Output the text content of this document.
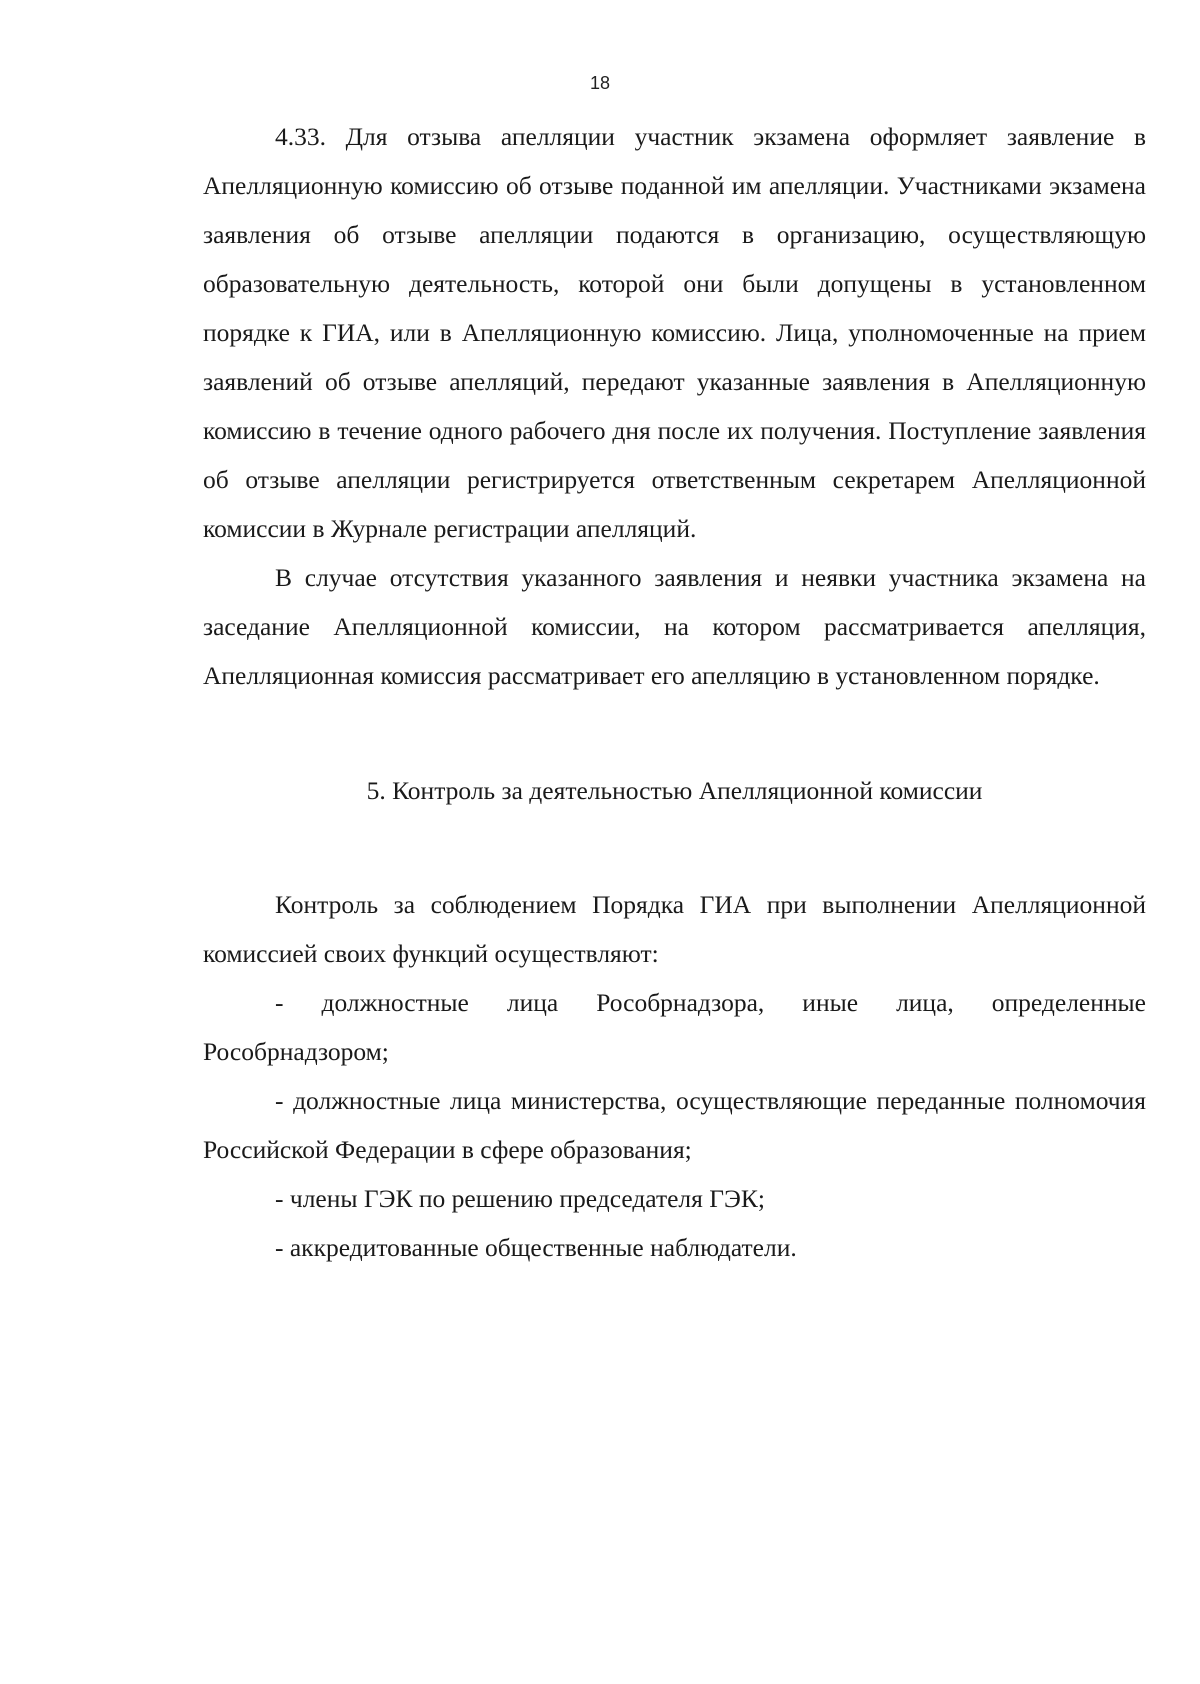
18

4.33. Для отзыва апелляции участник экзамена оформляет заявление в Апелляционную комиссию об отзыве поданной им апелляции. Участниками экзамена заявления об отзыве апелляции подаются в организацию, осуществляющую образовательную деятельность, которой они были допущены в установленном порядке к ГИА, или в Апелляционную комиссию. Лица, уполномоченные на прием заявлений об отзыве апелляций, передают указанные заявления в Апелляционную комиссию в течение одного рабочего дня после их получения. Поступление заявления об отзыве апелляции регистрируется ответственным секретарем Апелляционной комиссии в Журнале регистрации апелляций.

В случае отсутствия указанного заявления и неявки участника экзамена на заседание Апелляционной комиссии, на котором рассматривается апелляция, Апелляционная комиссия рассматривает его апелляцию в установленном порядке.

5. Контроль за деятельностью Апелляционной комиссии

Контроль за соблюдением Порядка ГИА при выполнении Апелляционной комиссией своих функций осуществляют:

- должностные лица Рособрнадзора, иные лица, определенные Рособрнадзором;

- должностные лица министерства, осуществляющие переданные полномочия Российской Федерации в сфере образования;

- члены ГЭК по решению председателя ГЭК;

- аккредитованные общественные наблюдатели.
